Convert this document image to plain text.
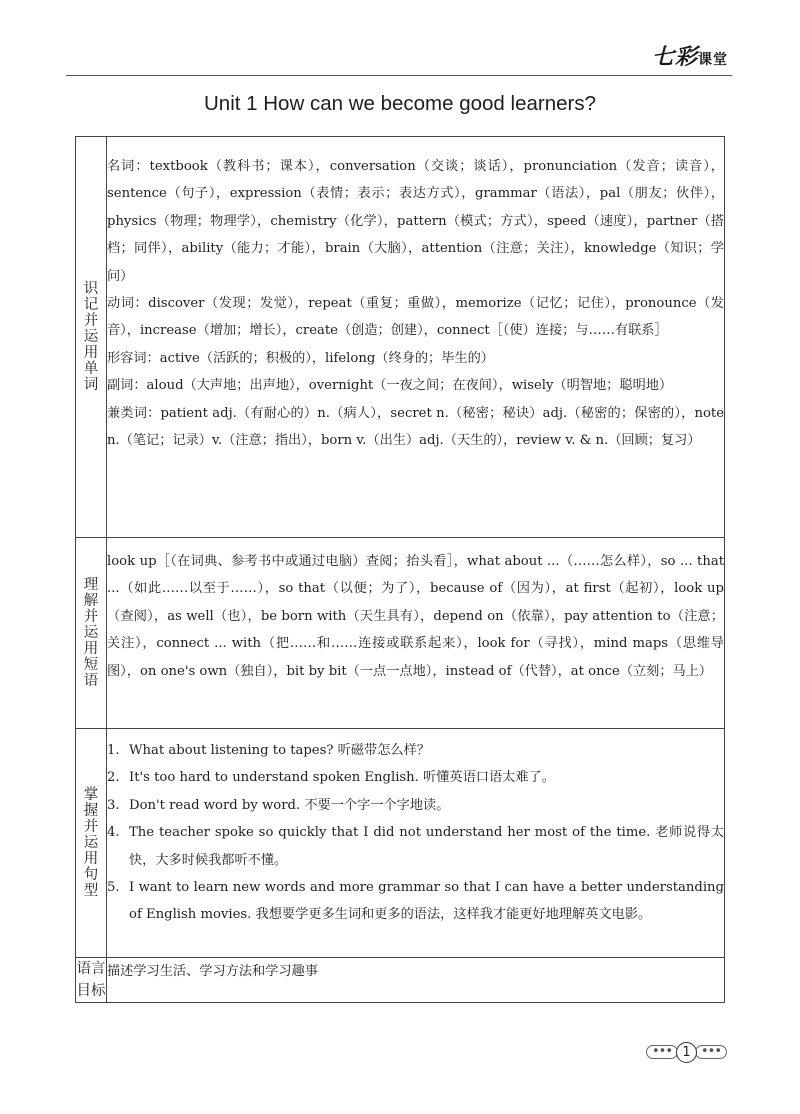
七彩课堂
Unit 1 How can we become good learners?
识记并运用单词	名词：textbook（教科书；课本），conversation（交谈；谈话），pronunciation（发音；读音），sentence（句子），expression（表情；表示；表达方式），grammar（语法），pal（朋友；伙伴），physics（物理；物理学），chemistry（化学），pattern（模式；方式），speed（速度），partner（搭档；同伴），ability（能力；才能），brain（大脑），attention（注意；关注），knowledge（知识；学问）
动词：discover（发现；发觉），repeat（重复；重做），memorize（记忆；记住），pronounce（发音），increase（增加；增长），create（创造；创建），connect［（使）连接；与……有联系］
形容词：active（活跃的；积极的），lifelong（终身的；毕生的）
副词：aloud（大声地；出声地），overnight（一夜之间；在夜间），wisely（明智地；聪明地）
兼类词：patient adj.（有耐心的）n.（病人），secret n.（秘密；秘诀）adj.（秘密的；保密的），note n.（笔记；记录）v.（注意；指出），born v.（出生）adj.（天生的），review v. & n.（回顾；复习）

理解并运用短语	look up［（在词典、参考书中或通过电脑）查阅；抬头看］，what about ...（……怎么样），so ... that ...（如此……以至于……），so that（以便；为了），because of（因为），at first（起初），look up（查阅），as well（也），be born with（天生具有），depend on（依靠），pay attention to（注意；关注），connect ... with（把……和……连接或联系起来），look for（寻找），mind maps（思维导图），on one's own（独自），bit by bit（一点一点地），instead of（代替），at once（立刻；马上）

掌握并运用句型	1. What about listening to tapes? 听磁带怎么样？
2. It's too hard to understand spoken English. 听懂英语口语太难了。
3. Don't read word by word. 不要一个字一个字地读。
4. The teacher spoke so quickly that I did not understand her most of the time. 老师说得太快，大多时候我都听不懂。
5. I want to learn new words and more grammar so that I can have a better understanding of English movies. 我想要学更多生词和更多的语法，这样我才能更好地理解英文电影。

语言
目标	描述学习生活、学习方法和学习趣事
••• 1 •••
